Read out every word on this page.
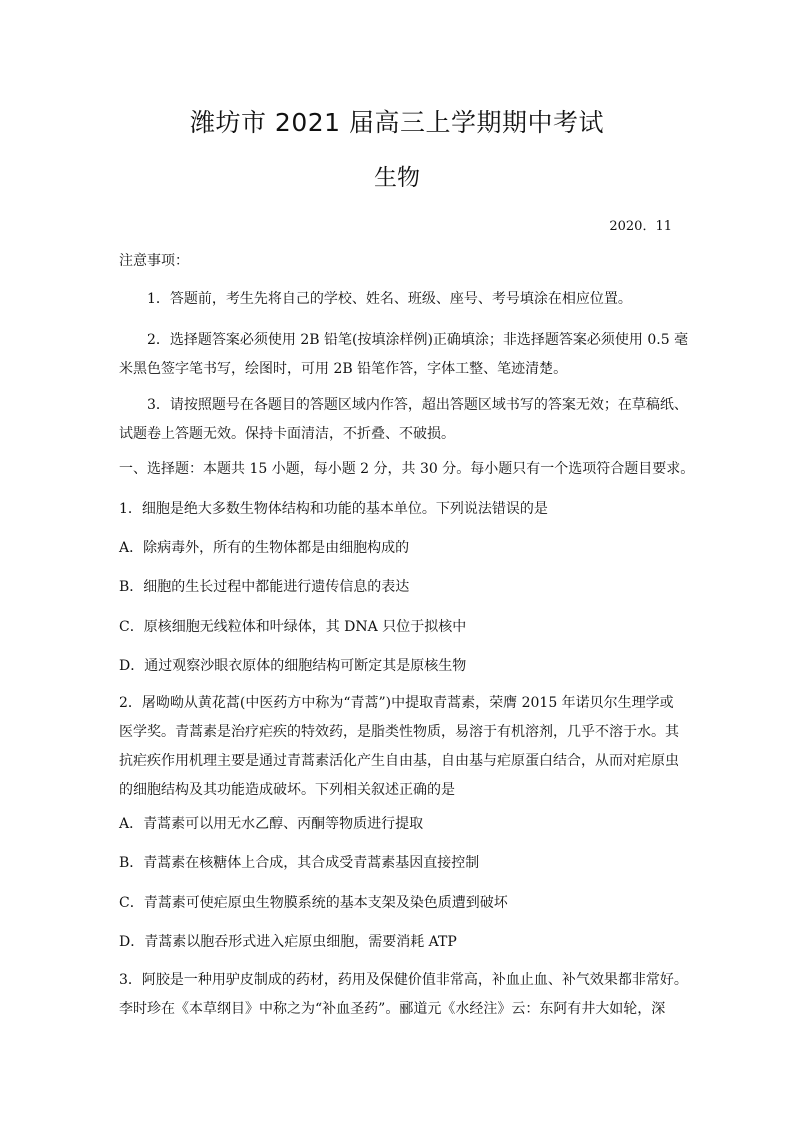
潍坊市 2021 届高三上学期期中考试
生物
2020．11
注意事项：
1．答题前，考生先将自己的学校、姓名、班级、座号、考号填涂在相应位置。
2．选择题答案必须使用 2B 铅笔(按填涂样例)正确填涂；非选择题答案必须使用 0.5 毫
米黑色签字笔书写，绘图时，可用 2B 铅笔作答，字体工整、笔迹清楚。
3．请按照题号在各题目的答题区域内作答，超出答题区域书写的答案无效；在草稿纸、
试题卷上答题无效。保持卡面清洁，不折叠、不破损。
一、选择题：本题共 15 小题，每小题 2 分，共 30 分。每小题只有一个选项符合题目要求。
1．细胞是绝大多数生物体结构和功能的基本单位。下列说法错误的是
A．除病毒外，所有的生物体都是由细胞构成的
B．细胞的生长过程中都能进行遗传信息的表达
C．原核细胞无线粒体和叶绿体，其 DNA 只位于拟核中
D．通过观察沙眼衣原体的细胞结构可断定其是原核生物
2．屠呦呦从黄花蒿(中医药方中称为“青蒿”)中提取青蒿素，荣膺 2015 年诺贝尔生理学或
医学奖。青蒿素是治疗疟疾的特效药，是脂类性物质，易溶于有机溶剂，几乎不溶于水。其
抗疟疾作用机理主要是通过青蒿素活化产生自由基，自由基与疟原蛋白结合，从而对疟原虫
的细胞结构及其功能造成破坏。下列相关叙述正确的是
A．青蒿素可以用无水乙醇、丙酮等物质进行提取
B．青蒿素在核糖体上合成，其合成受青蒿素基因直接控制
C．青蒿素可使疟原虫生物膜系统的基本支架及染色质遭到破坏
D．青蒿素以胞吞形式进入疟原虫细胞，需要消耗 ATP
3．阿胶是一种用驴皮制成的药材，药用及保健价值非常高，补血止血、补气效果都非常好。
李时珍在《本草纲目》中称之为“补血圣药”。郦道元《水经注》云：东阿有井大如轮，深
